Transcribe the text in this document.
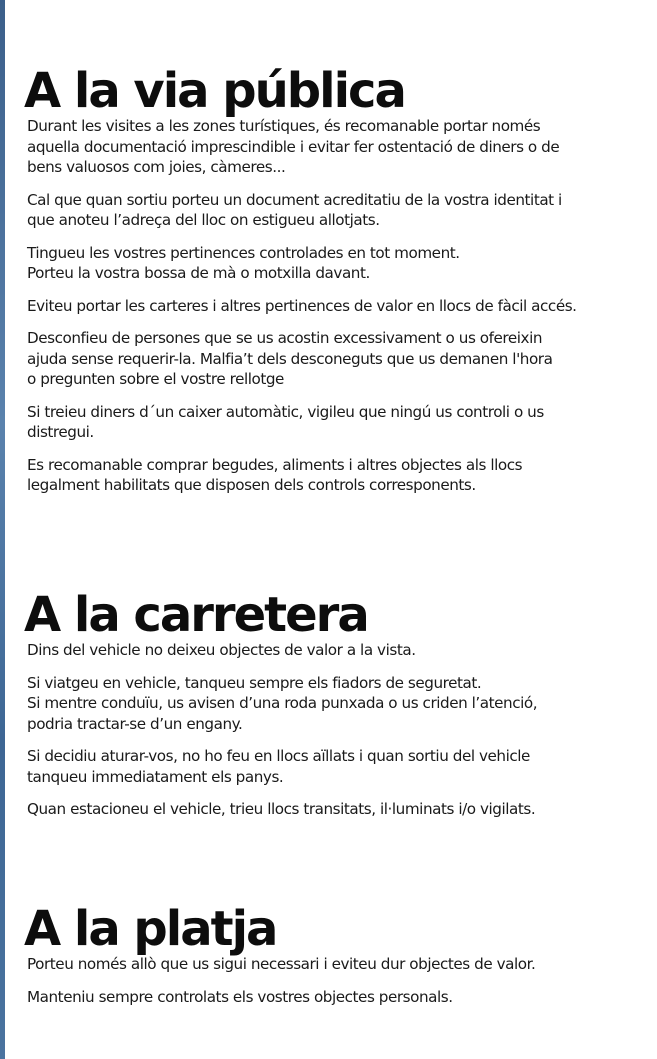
A la via pública

Durant les visites a les zones turístiques, és recomanable portar només
aquella documentació imprescindible i evitar fer ostentació de diners o de
bens valuosos com joies, càmeres...

Cal que quan sortiu porteu un document acreditatiu de la vostra identitat i
que anoteu l’adreça del lloc on estigueu allotjats.

Tingueu les vostres pertinences controlades en tot moment.
Porteu la vostra bossa de mà o motxilla davant.

Eviteu portar les carteres i altres pertinences de valor en llocs de fàcil accés.

Desconfieu de persones que se us acostin excessivament o us ofereixin
ajuda sense requerir-la. Malfia’t dels desconeguts que us demanen l'hora
o pregunten sobre el vostre rellotge

Si treieu diners d´un caixer automàtic, vigileu que ningú us controli o us
distregui.

Es recomanable comprar begudes, aliments i altres objectes als llocs
legalment habilitats que disposen dels controls corresponents.

A la carretera

Dins del vehicle no deixeu objectes de valor a la vista.

Si viatgeu en vehicle, tanqueu sempre els fiadors de seguretat.
Si mentre conduïu, us avisen d’una roda punxada o us criden l’atenció,
podria tractar-se d’un engany.

Si decidiu aturar-vos, no ho feu en llocs aïllats i quan sortiu del vehicle
tanqueu immediatament els panys.

Quan estacioneu el vehicle, trieu llocs transitats, il·luminats i/o vigilats.

A la platja

Porteu només allò que us sigui necessari i eviteu dur objectes de valor.

Manteniu sempre controlats els vostres objectes personals.
